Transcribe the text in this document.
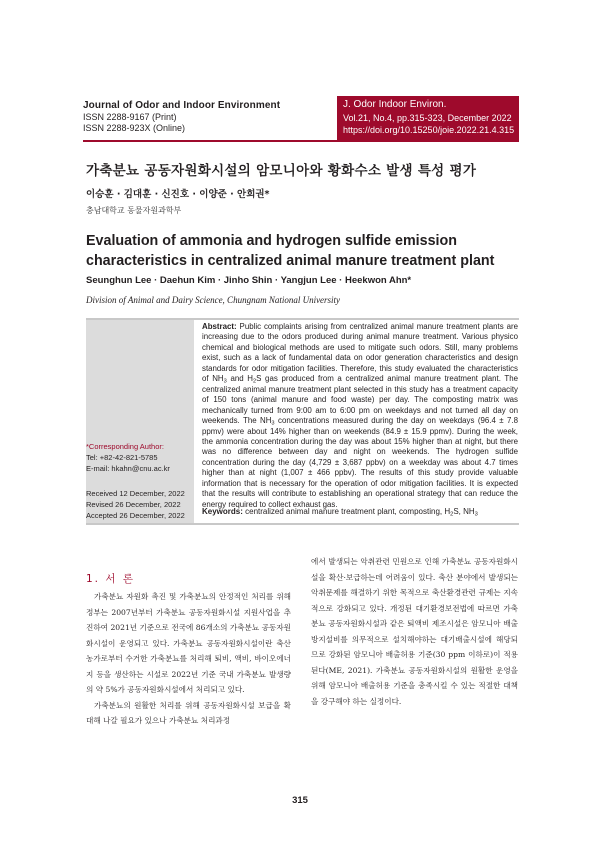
Journal of Odor and Indoor Environment
ISSN 2288-9167 (Print)
ISSN 2288-923X (Online)
J. Odor Indoor Environ.
Vol.21, No.4, pp.315-323, December 2022
https://doi.org/10.15250/joie.2022.21.4.315
가축분뇨 공동자원화시설의 암모니아와 황화수소 발생 특성 평가
이승훈 · 김대훈 · 신진호 · 이양준 · 안희권*
충남대학교 동물자원과학부
Evaluation of ammonia and hydrogen sulfide emission characteristics in centralized animal manure treatment plant
Seunghun Lee · Daehun Kim · Jinho Shin · Yangjun Lee · Heekwon Ahn*
Division of Animal and Dairy Science, Chungnam National University
*Corresponding Author:
Tel: +82-42-821-5785
E-mail: hkahn@cnu.ac.kr
Received 12 December, 2022
Revised 26 December, 2022
Accepted 26 December, 2022
Abstract: Public complaints arising from centralized animal manure treatment plants are increasing due to the odors produced during animal manure treatment. Various physico chemical and biological methods are used to mitigate such odors. Still, many problems exist, such as a lack of fundamental data on odor generation characteristics and design standards for odor mitigation facilities. Therefore, this study evaluated the characteristics of $NH_3$ and $H_2S$ gas produced from a centralized animal manure treatment plant. The centralized animal manure treatment plant selected in this study has a treatment capacity of 150 tons (animal manure and food waste) per day. The composting matrix was mechanically turned from 9:00 am to 6:00 pm on weekdays and not turned all day on weekends. The $NH_3$ concentrations measured during the day on weekdays (96.4 ± 7.8 ppmv) were about 14% higher than on weekends (84.9 ± 15.9 ppmv). During the week, the ammonia concentration during the day was about 15% higher than at night, but there was no difference between day and night on weekends. The hydrogen sulfide concentration during the day (4,729 ± 3,687 ppbv) on a weekday was about 4.7 times higher than at night (1,007 ± 466 ppbv). The results of this study provide valuable information that is necessary for the operation of odor mitigation facilities. It is expected that the results will contribute to establishing an operational strategy that can reduce the energy required to collect exhaust gas.
Keywords: centralized animal manure treatment plant, composting, $H_2S$, $NH_3$
1. 서 론

가축분뇨 자원화 촉진 및 가축분뇨의 안정적인 처리를 위해 정부는 2007년부터 가축분뇨 공동자원화시설 지원사업을 추진하여 2021년 기준으로 전국에 86개소의 가축분뇨 공동자원화시설이 운영되고 있다. 가축분뇨 공동자원화시설이란 축산농가로부터 수거한 가축분뇨를 처리해 퇴비, 액비, 바이오에너지 등을 생산하는 시설로 2022년 기준 국내 가축분뇨 발생량의 약 5%가 공동자원화시설에서 처리되고 있다.

가축분뇨의 원활한 처리를 위해 공동자원화시설 보급을 확대해 나갈 필요가 있으나 가축분뇨 처리과정

에서 발생되는 악취관련 민원으로 인해 가축분뇨 공동자원화시설을 확산·보급하는데 어려움이 있다. 축산 분야에서 발생되는 악취문제를 해결하기 위한 목적으로 축산환경관련 규제는 지속적으로 강화되고 있다. 개정된 대기환경보전법에 따르면 가축분뇨 공동자원화시설과 같은 퇴액비 제조시설은 암모니아 배출 방지설비를 의무적으로 설치해야하는 대기배출시설에 해당되므로 강화된 암모니아 배출허용 기준(30 ppm 이하로)이 적용된다(ME, 2021). 가축분뇨 공동자원화시설의 원활한 운영을 위해 암모니아 배출허용 기준을 충족시킬 수 있는 적절한 대책을 강구해야 하는 실정이다.

315
